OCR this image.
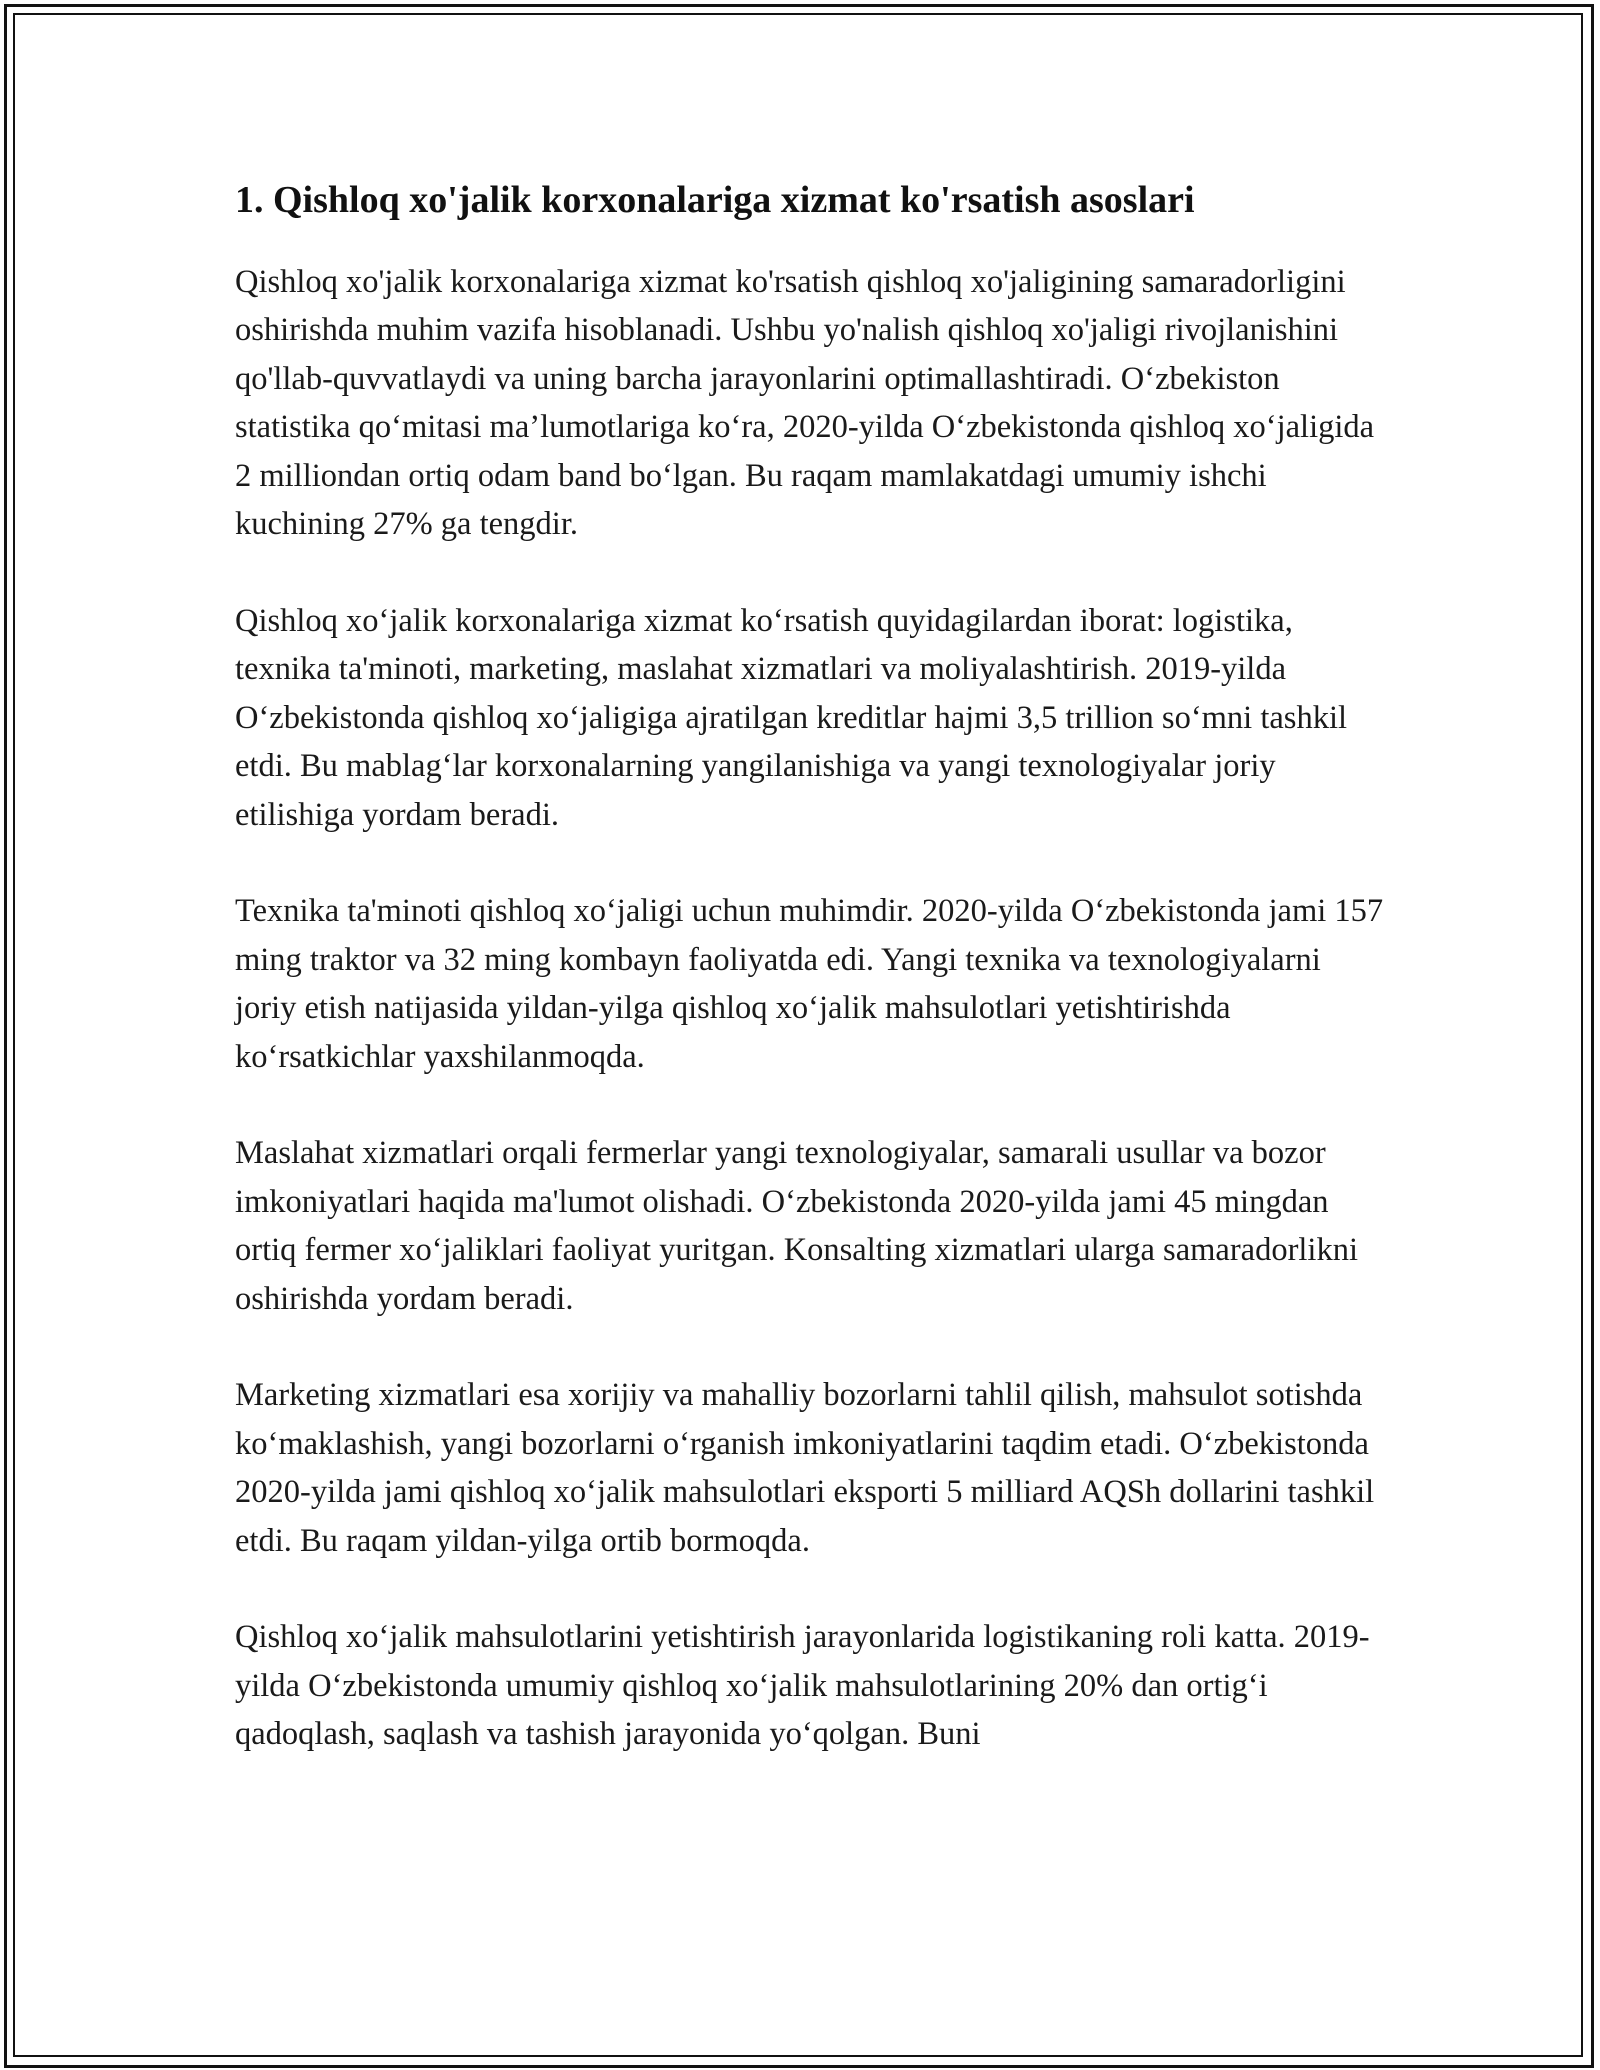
1. Qishloq xo'jalik korxonalariga xizmat ko'rsatish asoslari

Qishloq xo'jalik korxonalariga xizmat ko'rsatish qishloq xo'jaligining samaradorligini oshirishda muhim vazifa hisoblanadi. Ushbu yo'nalish qishloq xo'jaligi rivojlanishini qo'llab-quvvatlaydi va uning barcha jarayonlarini optimallashtiradi. O‘zbekiston statistika qo‘mitasi ma’lumotlariga ko‘ra, 2020-yilda O‘zbekistonda qishloq xo‘jaligida 2 milliondan ortiq odam band bo‘lgan. Bu raqam mamlakatdagi umumiy ishchi kuchining 27% ga tengdir.

Qishloq xo‘jalik korxonalariga xizmat ko‘rsatish quyidagilardan iborat: logistika, texnika ta'minoti, marketing, maslahat xizmatlari va moliyalashtirish. 2019-yilda O‘zbekistonda qishloq xo‘jaligiga ajratilgan kreditlar hajmi 3,5 trillion so‘mni tashkil etdi. Bu mablag‘lar korxonalarning yangilanishiga va yangi texnologiyalar joriy etilishiga yordam beradi.

Texnika ta'minoti qishloq xo‘jaligi uchun muhimdir. 2020-yilda O‘zbekistonda jami 157 ming traktor va 32 ming kombayn faoliyatda edi. Yangi texnika va texnologiyalarni joriy etish natijasida yildan-yilga qishloq xo‘jalik mahsulotlari yetishtirishda ko‘rsatkichlar yaxshilanmoqda.

Maslahat xizmatlari orqali fermerlar yangi texnologiyalar, samarali usullar va bozor imkoniyatlari haqida ma'lumot olishadi. O‘zbekistonda 2020-yilda jami 45 mingdan ortiq fermer xo‘jaliklari faoliyat yuritgan. Konsalting xizmatlari ularga samaradorlikni oshirishda yordam beradi.

Marketing xizmatlari esa xorijiy va mahalliy bozorlarni tahlil qilish, mahsulot sotishda ko‘maklashish, yangi bozorlarni o‘rganish imkoniyatlarini taqdim etadi. O‘zbekistonda 2020-yilda jami qishloq xo‘jalik mahsulotlari eksporti 5 milliard AQSh dollarini tashkil etdi. Bu raqam yildan-yilga ortib bormoqda.

Qishloq xo‘jalik mahsulotlarini yetishtirish jarayonlarida logistikaning roli katta. 2019-yilda O‘zbekistonda umumiy qishloq xo‘jalik mahsulotlarining 20% dan ortig‘i qadoqlash, saqlash va tashish jarayonida yo‘qolgan. Buni
